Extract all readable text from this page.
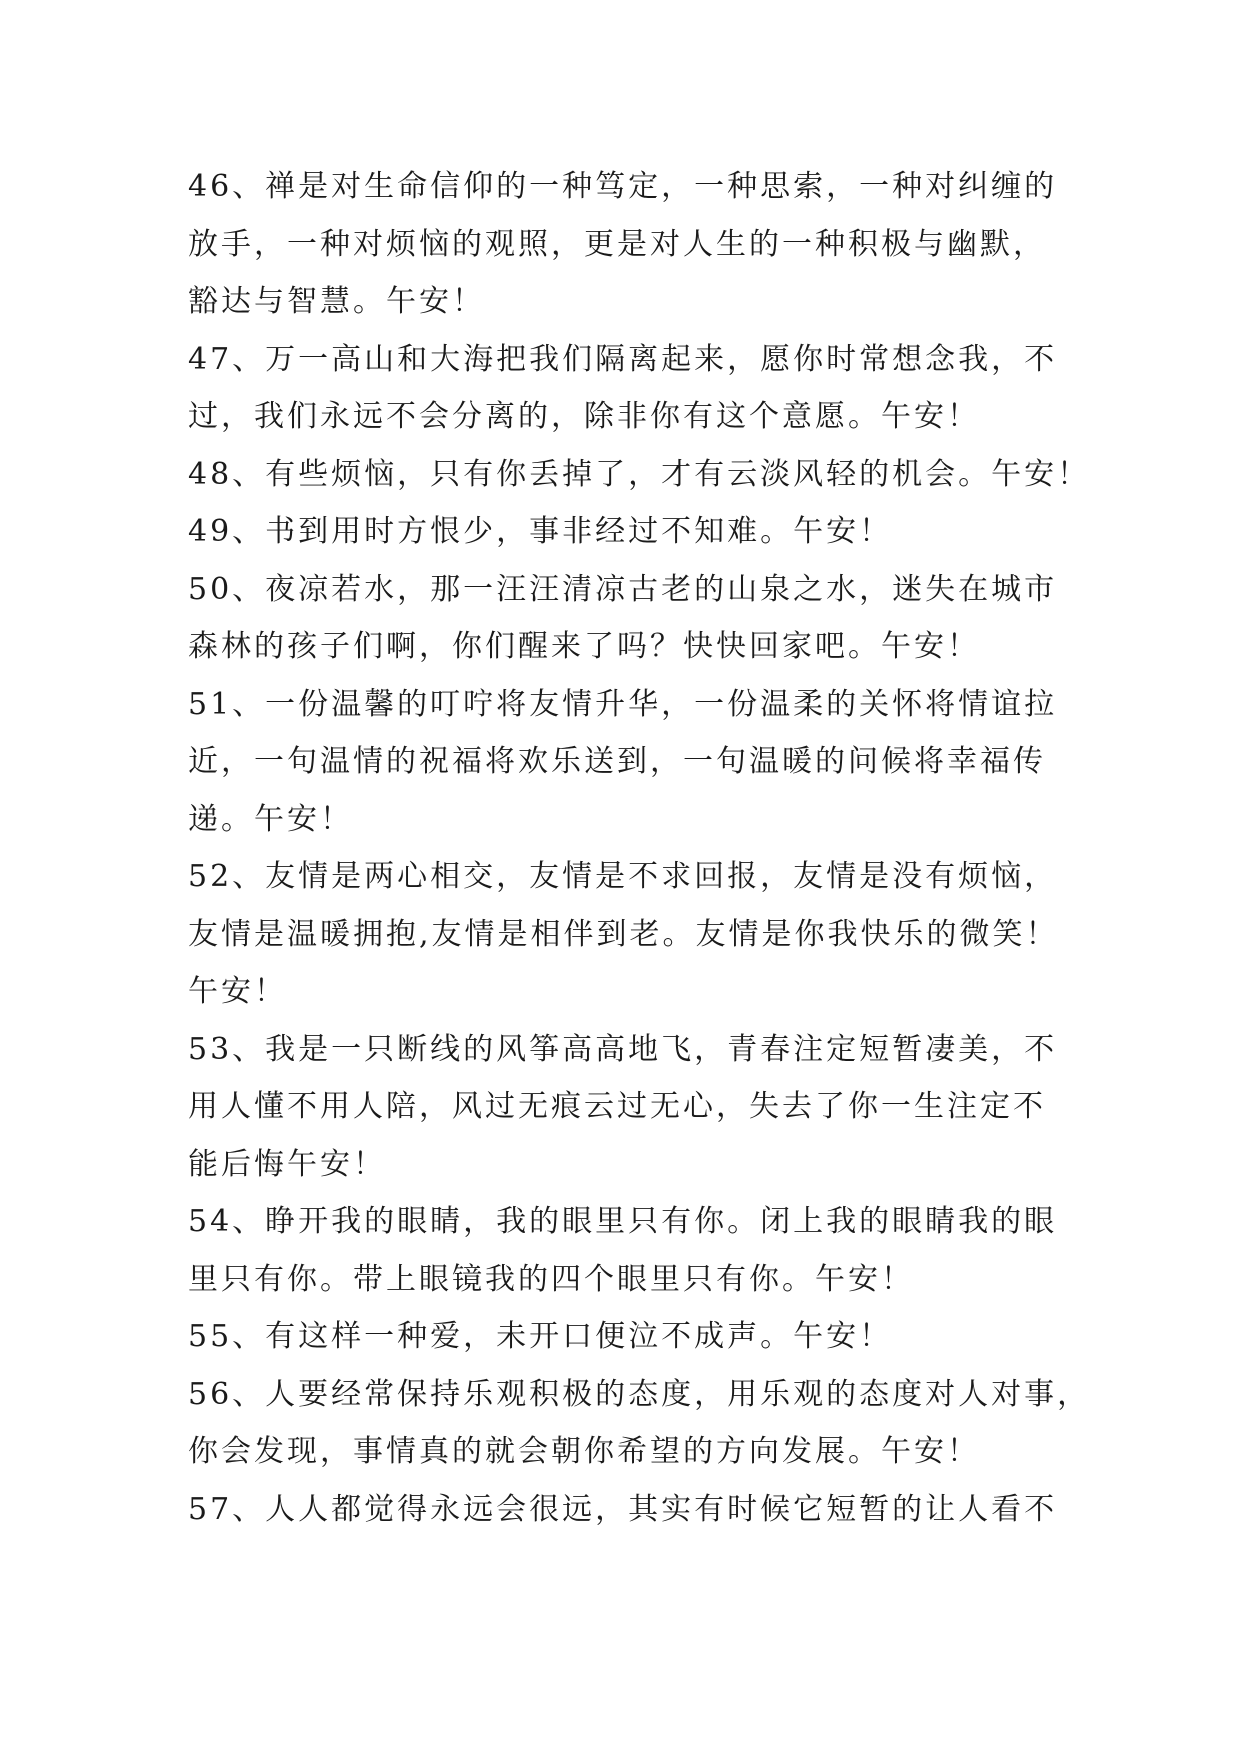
46、禅是对生命信仰的一种笃定，一种思索，一种对纠缠的
放手，一种对烦恼的观照，更是对人生的一种积极与幽默，
豁达与智慧。午安！
47、万一高山和大海把我们隔离起来，愿你时常想念我，不
过，我们永远不会分离的，除非你有这个意愿。午安！
48、有些烦恼，只有你丢掉了，才有云淡风轻的机会。午安！
49、书到用时方恨少，事非经过不知难。午安！
50、夜凉若水，那一汪汪清凉古老的山泉之水，迷失在城市
森林的孩子们啊，你们醒来了吗？快快回家吧。午安！
51、一份温馨的叮咛将友情升华，一份温柔的关怀将情谊拉
近，一句温情的祝福将欢乐送到，一句温暖的问候将幸福传
递。午安！
52、友情是两心相交，友情是不求回报，友情是没有烦恼，
友情是温暖拥抱,友情是相伴到老。友情是你我快乐的微笑！
午安！
53、我是一只断线的风筝高高地飞，青春注定短暂凄美，不
用人懂不用人陪，风过无痕云过无心，失去了你一生注定不
能后悔午安！
54、睁开我的眼睛，我的眼里只有你。闭上我的眼睛我的眼
里只有你。带上眼镜我的四个眼里只有你。午安！
55、有这样一种爱，未开口便泣不成声。午安！
56、人要经常保持乐观积极的态度，用乐观的态度对人对事，
你会发现，事情真的就会朝你希望的方向发展。午安！
57、人人都觉得永远会很远，其实有时候它短暂的让人看不
